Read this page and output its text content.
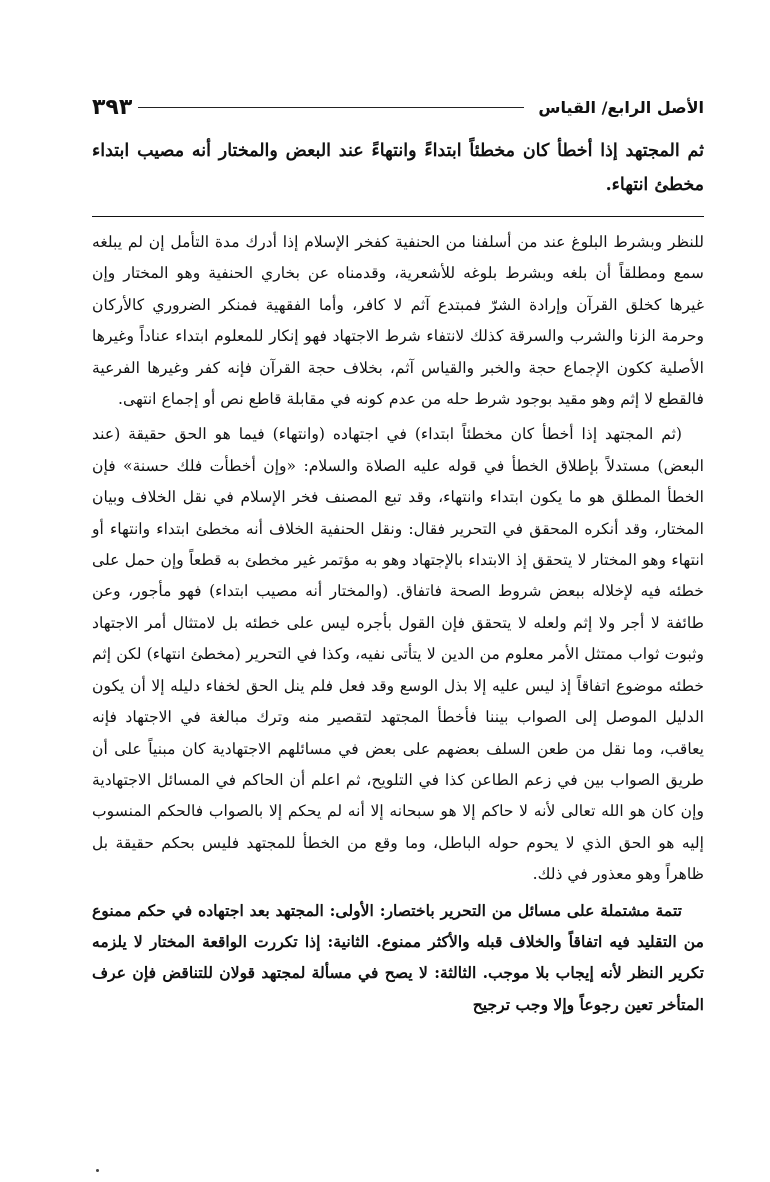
الأصل الرابع/ القياس
٣٩٣

ثم المجتهد إذا أخطأ كان مخطئاً ابتداءً وانتهاءً عند البعض والمختار أنه مصيب ابتداء مخطئ انتهاء.

للنظر وبشرط البلوغ عند من أسلفنا من الحنفية كفخر الإسلام إذا أدرك مدة التأمل إن لم يبلغه سمع ومطلقاً أن بلغه وبشرط بلوغه للأشعرية، وقدمناه عن بخاري الحنفية وهو المختار وإن غيرها كخلق القرآن وإرادة الشرّ فمبتدع آثم لا كافر، وأما الفقهية فمنكر الضروري كالأركان وحرمة الزنا والشرب والسرقة كذلك لانتفاء شرط الاجتهاد فهو إنكار للمعلوم ابتداء عناداً وغيرها الأصلية ككون الإجماع حجة والخبر والقياس آثم، بخلاف حجة القرآن فإنه كفر وغيرها الفرعية فالقطع لا إثم وهو مقيد بوجود شرط حله من عدم كونه في مقابلة قاطع نص أو إجماع انتهى.

(ثم المجتهد إذا أخطأ كان مخطئاً ابتداء) في اجتهاده (وانتهاء) فيما هو الحق حقيقة (عند البعض) مستدلاً بإطلاق الخطأ في قوله عليه الصلاة والسلام: «وإن أخطأت فلك حسنة» فإن الخطأ المطلق هو ما يكون ابتداء وانتهاء، وقد تبع المصنف فخر الإسلام في نقل الخلاف وبيان المختار، وقد أنكره المحقق في التحرير فقال: ونقل الحنفية الخلاف أنه مخطئ ابتداء وانتهاء أو انتهاء وهو المختار لا يتحقق إذ الابتداء بالإجتهاد وهو به مؤتمر غير مخطئ به قطعاً وإن حمل على خطئه فيه لإخلاله ببعض شروط الصحة فاتفاق. (والمختار أنه مصيب ابتداء) فهو مأجور، وعن طائفة لا أجر ولا إثم ولعله لا يتحقق فإن القول بأجره ليس على خطئه بل لامتثال أمر الاجتهاد وثبوت ثواب ممتثل الأمر معلوم من الدين لا يتأتى نفيه، وكذا في التحرير (مخطئ انتهاء) لكن إثم خطئه موضوع اتفاقاً إذ ليس عليه إلا بذل الوسع وقد فعل فلم ينل الحق لخفاء دليله إلا أن يكون الدليل الموصل إلى الصواب بيننا فأخطأ المجتهد لتقصير منه وترك مبالغة في الاجتهاد فإنه يعاقب، وما نقل من طعن السلف بعضهم على بعض في مسائلهم الاجتهادية كان مبنياً على أن طريق الصواب بين في زعم الطاعن كذا في التلويح، ثم اعلم أن الحاكم في المسائل الاجتهادية وإن كان هو الله تعالى لأنه لا حاكم إلا هو سبحانه إلا أنه لم يحكم إلا بالصواب فالحكم المنسوب إليه هو الحق الذي لا يحوم حوله الباطل، وما وقع من الخطأ للمجتهد فليس بحكم حقيقة بل ظاهراً وهو معذور في ذلك.

تتمة مشتملة على مسائل من التحرير باختصار: الأولى: المجتهد بعد اجتهاده في حكم ممنوع من التقليد فيه اتفاقاً والخلاف قبله والأكثر ممنوع. الثانية: إذا تكررت الواقعة المختار لا يلزمه تكرير النظر لأنه إيجاب بلا موجب. الثالثة: لا يصح في مسألة لمجتهد قولان للتناقض فإن عرف المتأخر تعين رجوعاً وإلا وجب ترجيح
